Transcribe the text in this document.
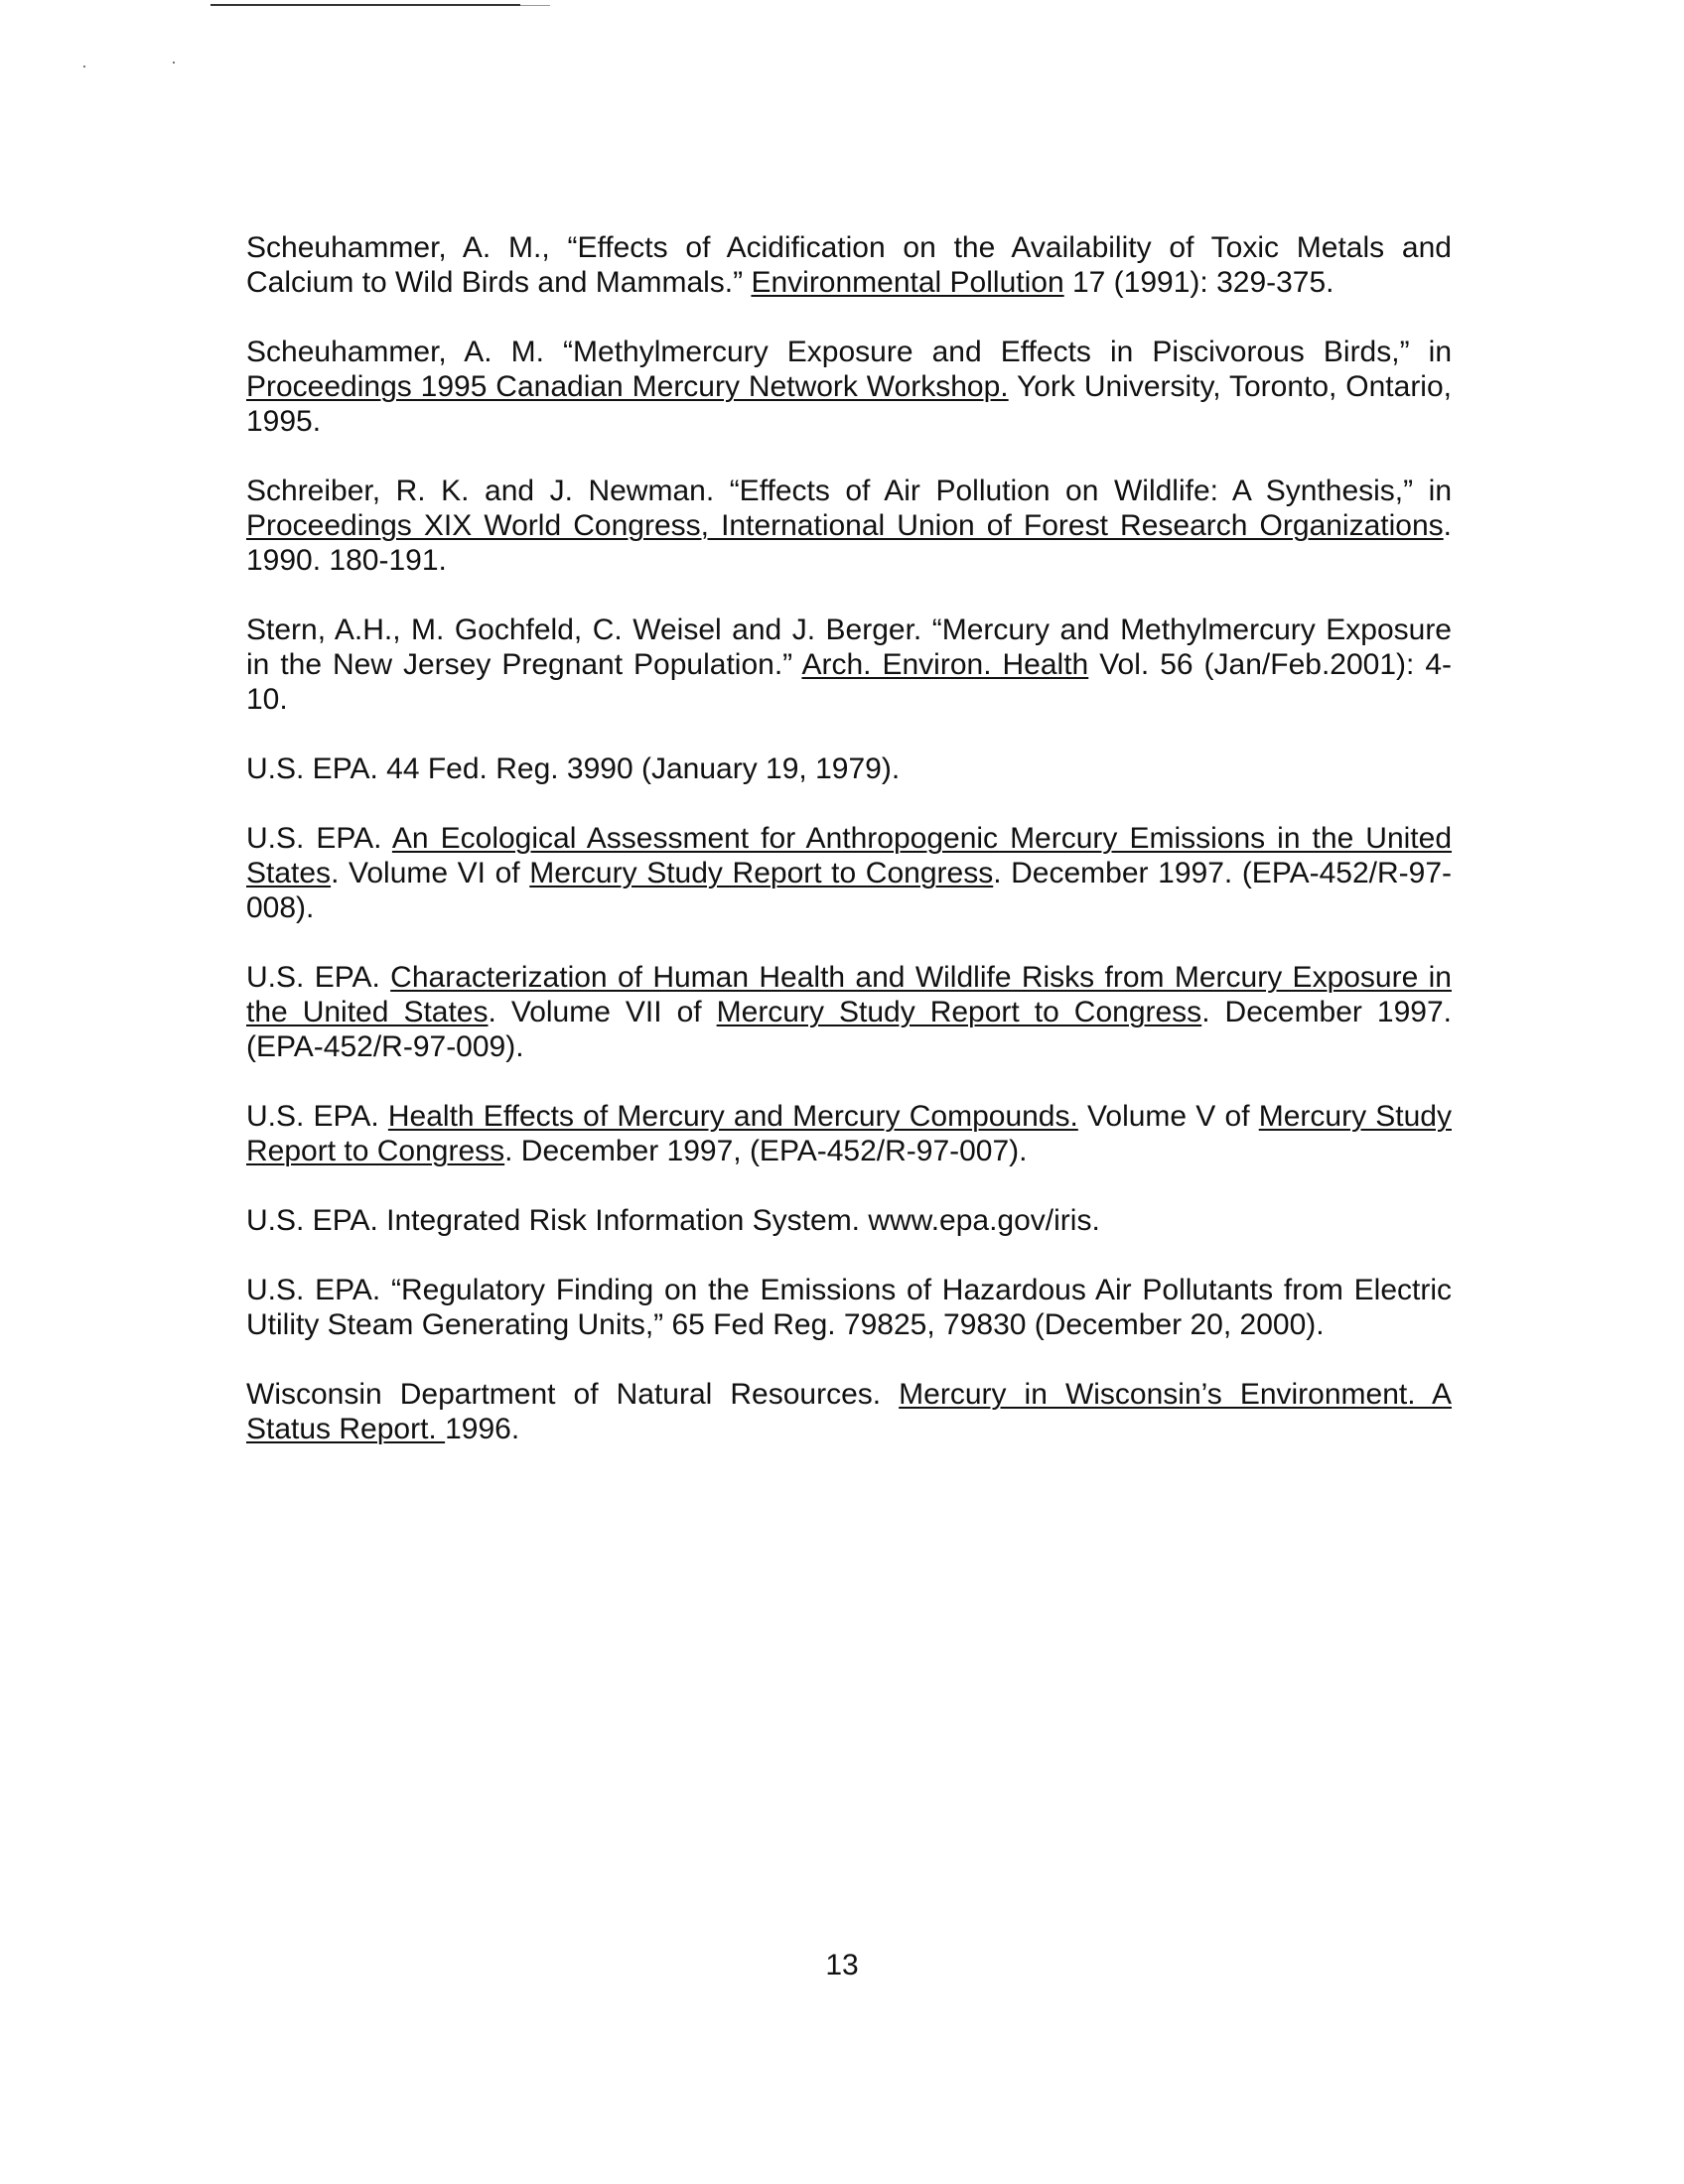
Scheuhammer, A. M., “Effects of Acidification on the Availability of Toxic Metals and Calcium to Wild Birds and Mammals.” Environmental Pollution 17 (1991): 329-375.

Scheuhammer, A. M. “Methylmercury Exposure and Effects in Piscivorous Birds,” in Proceedings 1995 Canadian Mercury Network Workshop. York University, Toronto, Ontario, 1995.

Schreiber, R. K. and J. Newman. “Effects of Air Pollution on Wildlife: A Synthesis,” in Proceedings XIX World Congress, International Union of Forest Research Organizations. 1990. 180-191.

Stern, A.H., M. Gochfeld, C. Weisel and J. Berger. “Mercury and Methylmercury Exposure in the New Jersey Pregnant Population.” Arch. Environ. Health Vol. 56 (Jan/Feb.2001): 4-10.

U.S. EPA. 44 Fed. Reg. 3990 (January 19, 1979).

U.S. EPA. An Ecological Assessment for Anthropogenic Mercury Emissions in the United States. Volume VI of Mercury Study Report to Congress. December 1997. (EPA-452/R-97-008).

U.S. EPA. Characterization of Human Health and Wildlife Risks from Mercury Exposure in the United States. Volume VII of Mercury Study Report to Congress. December 1997. (EPA-452/R-97-009).

U.S. EPA. Health Effects of Mercury and Mercury Compounds. Volume V of Mercury Study Report to Congress. December 1997, (EPA-452/R-97-007).

U.S. EPA. Integrated Risk Information System. www.epa.gov/iris.

U.S. EPA. “Regulatory Finding on the Emissions of Hazardous Air Pollutants from Electric Utility Steam Generating Units,” 65 Fed Reg. 79825, 79830 (December 20, 2000).

Wisconsin Department of Natural Resources. Mercury in Wisconsin’s Environment. A Status Report. 1996.

13
